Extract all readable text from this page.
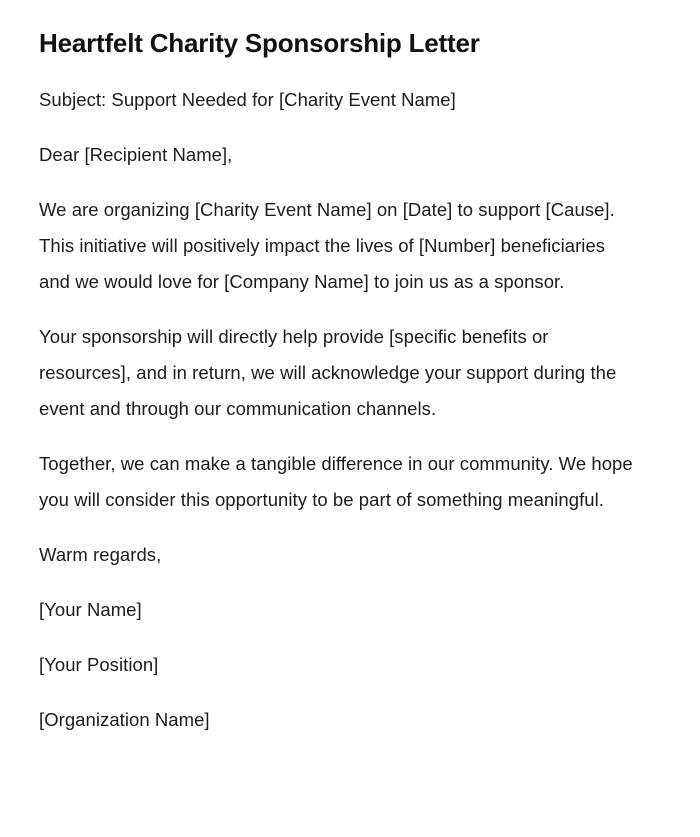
Heartfelt Charity Sponsorship Letter

Subject: Support Needed for [Charity Event Name]

Dear [Recipient Name],

We are organizing [Charity Event Name] on [Date] to support [Cause]. This initiative will positively impact the lives of [Number] beneficiaries and we would love for [Company Name] to join us as a sponsor.

Your sponsorship will directly help provide [specific benefits or resources], and in return, we will acknowledge your support during the event and through our communication channels.

Together, we can make a tangible difference in our community. We hope you will consider this opportunity to be part of something meaningful.

Warm regards,

[Your Name]

[Your Position]

[Organization Name]
